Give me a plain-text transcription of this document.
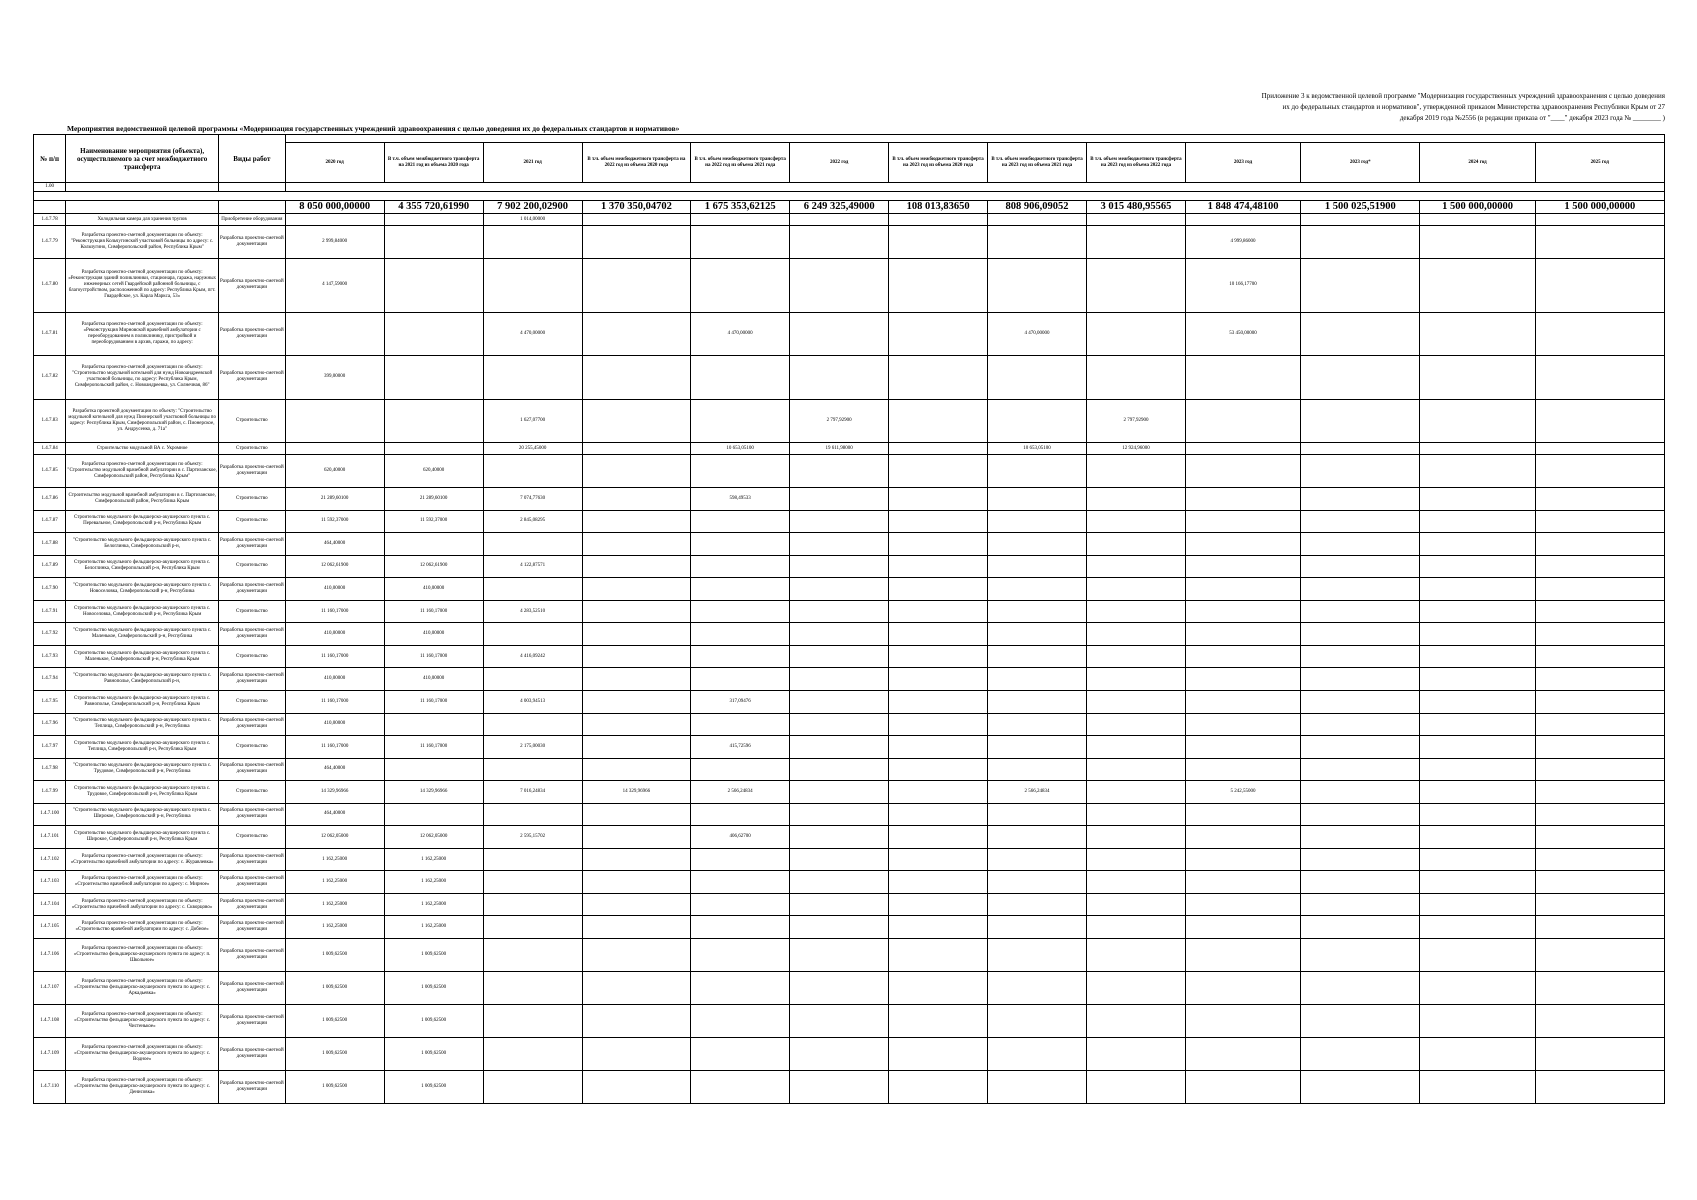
Приложение 3 к ведомственной целевой программе "Модернизация государственных учреждений здравоохранения с целью доведения
их до федеральных стандартов и нормативов", утвержденной приказом Министерства здравоохранения Республики Крым от 27
декабря 2019 года №2556 (в редакции приказа от "____" декабря 2023 года № ________ )
Мероприятия ведомственной целевой программы «Модернизация государственных учреждений здравоохранения с целью доведения их до федеральных стандартов и нормативов»
№ п/п	Наименование мероприятия (объекта), осуществляемого за счет межбюджетного трансферта	Виды работ													
			2020 год	В т.ч. объем межбюджетного трансферта на 2021 год из объема 2020 года	2021 год	В т.ч. объем межбюджетного трансферта на 2022 год из объема 2020 года	В т.ч. объем межбюджетного трансферта на 2022 год из объема 2021 года	2022 год	В т.ч. объем межбюджетного трансферта на 2023 год из объема 2020 года	В т.ч. объем межбюджетного трансферта на 2023 год из объема 2021 года	В т.ч. объем межбюджетного трансферта на 2023 год из объема 2022 года	2023 год	2023 год*	2024 год	2025 год
1.00															

			8 050 000,00000	4 355 720,61990	7 902 200,02900	1 370 350,04702	1 675 353,62125	6 249 325,49000	108 013,83650	808 906,09052	3 015 480,95565	1 848 474,48100	1 500 025,51900	1 500 000,00000	1 500 000,00000
1.4.7.78	Холодильная камера для хранения трупов	Приобретение оборудования			1 014,00000										
1.4.7.79	Разработка проектно-сметной документации по объекту: "Реконструкция Кольчугинской участковой больницы по адресу: с. Кольчугино, Симферопольский район, Республика Крым"	Разработка проектно-сметной документации	2 999,84000									4 999,86000			
1.4.7.80	Разработка проектно-сметной документации по объекту: «Реконструкция зданий поликлиники, стационара, гаража, наружных инженерных сетей Гвардейской районной больницы, с благоустройством, расположенной по адресу: Республика Крым, пгт. Гвардейское, ул. Карла Маркса, 53»	Разработка проектно-сметной документации	4 147,59000									10 166,17700			
1.4.7.81	Разработка проектно-сметной документации по объекту: «Реконструкция Мирновской врачебной амбулатории с переоборудованием в поликлинику, пристройкой и переоборудованием в архив, гаражи, по адресу:	Разработка проектно-сметной документации			4 470,00000		4 470,00000			4 470,00000		53 450,00000			
1.4.7.82	Разработка проектно-сметной документации по объекту: "Строительство модульной котельной для нужд Новоандреевской участковой больницы, по адресу: Республика Крым, Симферопольский район, с. Новоандреевка, ул. Солнечная, 86"	Разработка проектно-сметной документации	399,00000												
1.4.7.83	Разработка проектной документации по объекту: "Строительство модульной котельной для нужд Пионерской участковой больницы по адресу: Республика Крым, Симферопольский район, с. Пионерское, ул. Андрусенко, д. 71а"	Строительство			1 627,07700			2 797,92900			2 797,92900				
1.4.7.84	Строительство модульной ВА с. Укромное	Строительство			20 255,45000		10 653,05100	19 611,98000		10 653,05100	12 924,96000				
1.4.7.85	Разработка проектно-сметной документации по объекту: "Строительство модульной врачебной амбулатории в с. Партизанское, Симферопольский район, Республика Крым"	Разработка проектно-сметной документации	620,40000	620,40000											
1.4.7.86	Строительство модульной врачебной амбулатории в с. Партизанское, Симферопольский район, Республика Крым	Строительство	21 289,60100	21 289,60100	7 074,77630		598,49533								
1.4.7.87	Строительство модульного фельдшерско-акушерского пункта с. Перевальное, Симферопольский р-н, Республика Крым	Строительство	11 592,37000	11 592,37000	2 845,08295										
1.4.7.88	"Строительство модульного фельдшерско-акушерского пункта с. Белоглинка, Симферопольский р-н,	Разработка проектно-сметной документации	464,40000												
1.4.7.89	Строительство модульного фельдшерско-акушерского пункта с. Белоглинка, Симферопольский р-н, Республика Крым	Строительство	12 062,61900	12 062,61900	4 122,87571										
1.4.7.90	"Строительство модульного фельдшерско-акушерского пункта с. Новоселовка, Симферопольский р-н, Республика	Разработка проектно-сметной документации	410,00000	410,00000											
1.4.7.91	Строительство модульного фельдшерско-акушерского пункта с. Новоселовка, Симферопольский р-н, Республика Крым	Строительство	11 160,17000	11 160,17000	4 283,52510										
1.4.7.92	"Строительство модульного фельдшерско-акушерского пункта с. Маленькое, Симферопольский р-н, Республика	Разработка проектно-сметной документации	410,00000	410,00000											
1.4.7.93	Строительство модульного фельдшерско-акушерского пункта с. Маленькое, Симферопольский р-н, Республика Крым	Строительство	11 160,17000	11 160,17000	4 416,09242										
1.4.7.94	"Строительство модульного фельдшерско-акушерского пункта с. Равнополье, Симферопольский р-н,	Разработка проектно-сметной документации	410,00000	410,00000											
1.4.7.95	Строительство модульного фельдшерско-акушерского пункта с. Равнополье, Симферопольский р-н, Республика Крым	Строительство	11 160,17000	11 160,17000	4 003,94513		317,09476								
1.4.7.96	"Строительство модульного фельдшерско-акушерского пункта с. Теплица, Симферопольский р-н, Республика	Разработка проектно-сметной документации	410,00000												
1.4.7.97	Строительство модульного фельдшерско-акушерского пункта с. Теплица, Симферопольский р-н, Республика Крым	Строительство	11 160,17000	11 160,17000	2 175,00030		415,72596								
1.4.7.98	"Строительство модульного фельдшерско-акушерского пункта с. Трудовое, Симферопольский р-н, Республика	Разработка проектно-сметной документации	464,40000												
1.4.7.99	Строительство модульного фельдшерско-акушерского пункта с. Трудовое, Симферопольский р-н, Республика Крым	Строительство	14 329,96966	14 329,96966	7 016,24834	14 329,96966	2 566,24834			2 566,24834		5 242,55000			
1.4.7.100	"Строительство модульного фельдшерско-акушерского пункта с. Широкое, Симферопольский р-н, Республика	Разработка проектно-сметной документации	464,40000												
1.4.7.101	Строительство модульного фельдшерско-акушерского пункта с. Широкое, Симферопольский р-н, Республика Крым	Строительство	12 062,05000	12 062,05000	2 595,15702		406,62700								
1.4.7.102	Разработка проектно-сметной документации по объекту: «Строительство врачебной амбулатории по адресу: с. Журавлевка»	Разработка проектно-сметной документации	1 162,25000	1 162,25000											
1.4.7.103	Разработка проектно-сметной документации по объекту: «Строительство врачебной амбулатории по адресу: с. Мирное»	Разработка проектно-сметной документации	1 162,25000	1 162,25000											
1.4.7.104	Разработка проектно-сметной документации по объекту: «Строительство врачебной амбулатории по адресу: с. Скворцово»	Разработка проектно-сметной документации	1 162,25000	1 162,25000											
1.4.7.105	Разработка проектно-сметной документации по объекту: «Строительство врачебной амбулатории по адресу: с. Добное»	Разработка проектно-сметной документации	1 162,25000	1 162,25000											
1.4.7.106	Разработка проектно-сметной документации по объекту: «Строительство фельдшерско-акушерского пункта по адресу: п. Школьное»	Разработка проектно-сметной документации	1 009,62500	1 009,62500											
1.4.7.107	Разработка проектно-сметной документации по объекту: «Строительство фельдшерско-акушерского пункта по адресу: с. Аркадьевка»	Разработка проектно-сметной документации	1 009,62500	1 009,62500											
1.4.7.108	Разработка проектно-сметной документации по объекту: «Строительство фельдшерско-акушерского пункта по адресу: с. Чистенькое»	Разработка проектно-сметной документации	1 009,62500	1 009,62500											
1.4.7.109	Разработка проектно-сметной документации по объекту: «Строительство фельдшерско-акушерского пункта по адресу: с. Водное»	Разработка проектно-сметной документации	1 009,62500	1 009,62500											
1.4.7.110	Разработка проектно-сметной документации по объекту: «Строительство фельдшерско-акушерского пункта по адресу: с. Денисовка»	Разработка проектно-сметной документации	1 009,62500	1 009,62500											
